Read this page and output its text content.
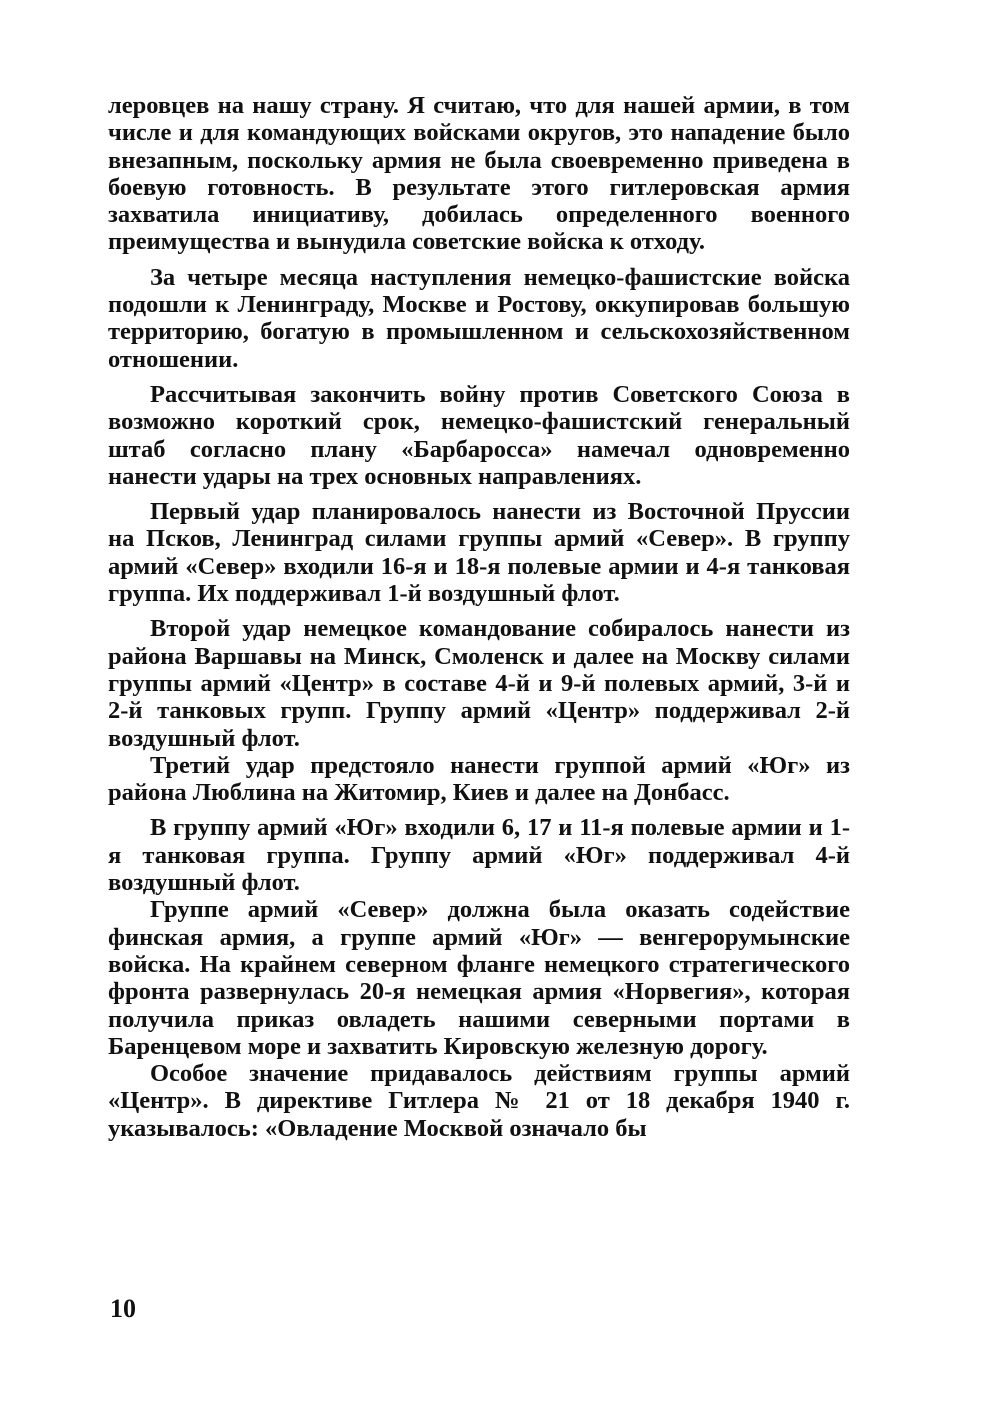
леровцев на нашу страну. Я считаю, что для нашей армии, в том числе и для командующих войсками округов, это нападение было внезапным, поскольку армия не была своевременно приведена в боевую готовность. В результате этого гитлеровская армия захватила инициативу, добилась определенного военного преимущества и вынудила советские войска к отходу.

За четыре месяца наступления немецко-фашистские войска подошли к Ленинграду, Москве и Ростову, оккупировав большую территорию, богатую в промышленном и сельскохозяйственном отношении.

Рассчитывая закончить войну против Советского Союза в возможно короткий срок, немецко-фашистский генеральный штаб согласно плану «Барбаросса» намечал одновременно нанести удары на трех основных направлениях.

Первый удар планировалось нанести из Восточной Пруссии на Псков, Ленинград силами группы армий «Север». В группу армий «Север» входили 16-я и 18-я полевые армии и 4-я танковая группа. Их поддерживал 1-й воздушный флот.

Второй удар немецкое командование собиралось нанести из района Варшавы на Минск, Смоленск и далее на Москву силами группы армий «Центр» в составе 4-й и 9-й полевых армий, 3-й и 2-й танковых групп. Группу армий «Центр» поддерживал 2-й воздушный флот.

Третий удар предстояло нанести группой армий «Юг» из района Люблина на Житомир, Киев и далее на Донбасс.

В группу армий «Юг» входили 6, 17 и 11-я полевые армии и 1-я танковая группа. Группу армий «Юг» поддерживал 4-й воздушный флот.

Группе армий «Север» должна была оказать содействие финская армия, а группе армий «Юг» — венгерорумынские войска. На крайнем северном фланге немецкого стратегического фронта развернулась 20-я немецкая армия «Норвегия», которая получила приказ овладеть нашими северными портами в Баренцевом море и захватить Кировскую железную дорогу.

Особое значение придавалось действиям группы армий «Центр». В директиве Гитлера № 21 от 18 декабря 1940 г. указывалось: «Овладение Москвой означало бы

10
